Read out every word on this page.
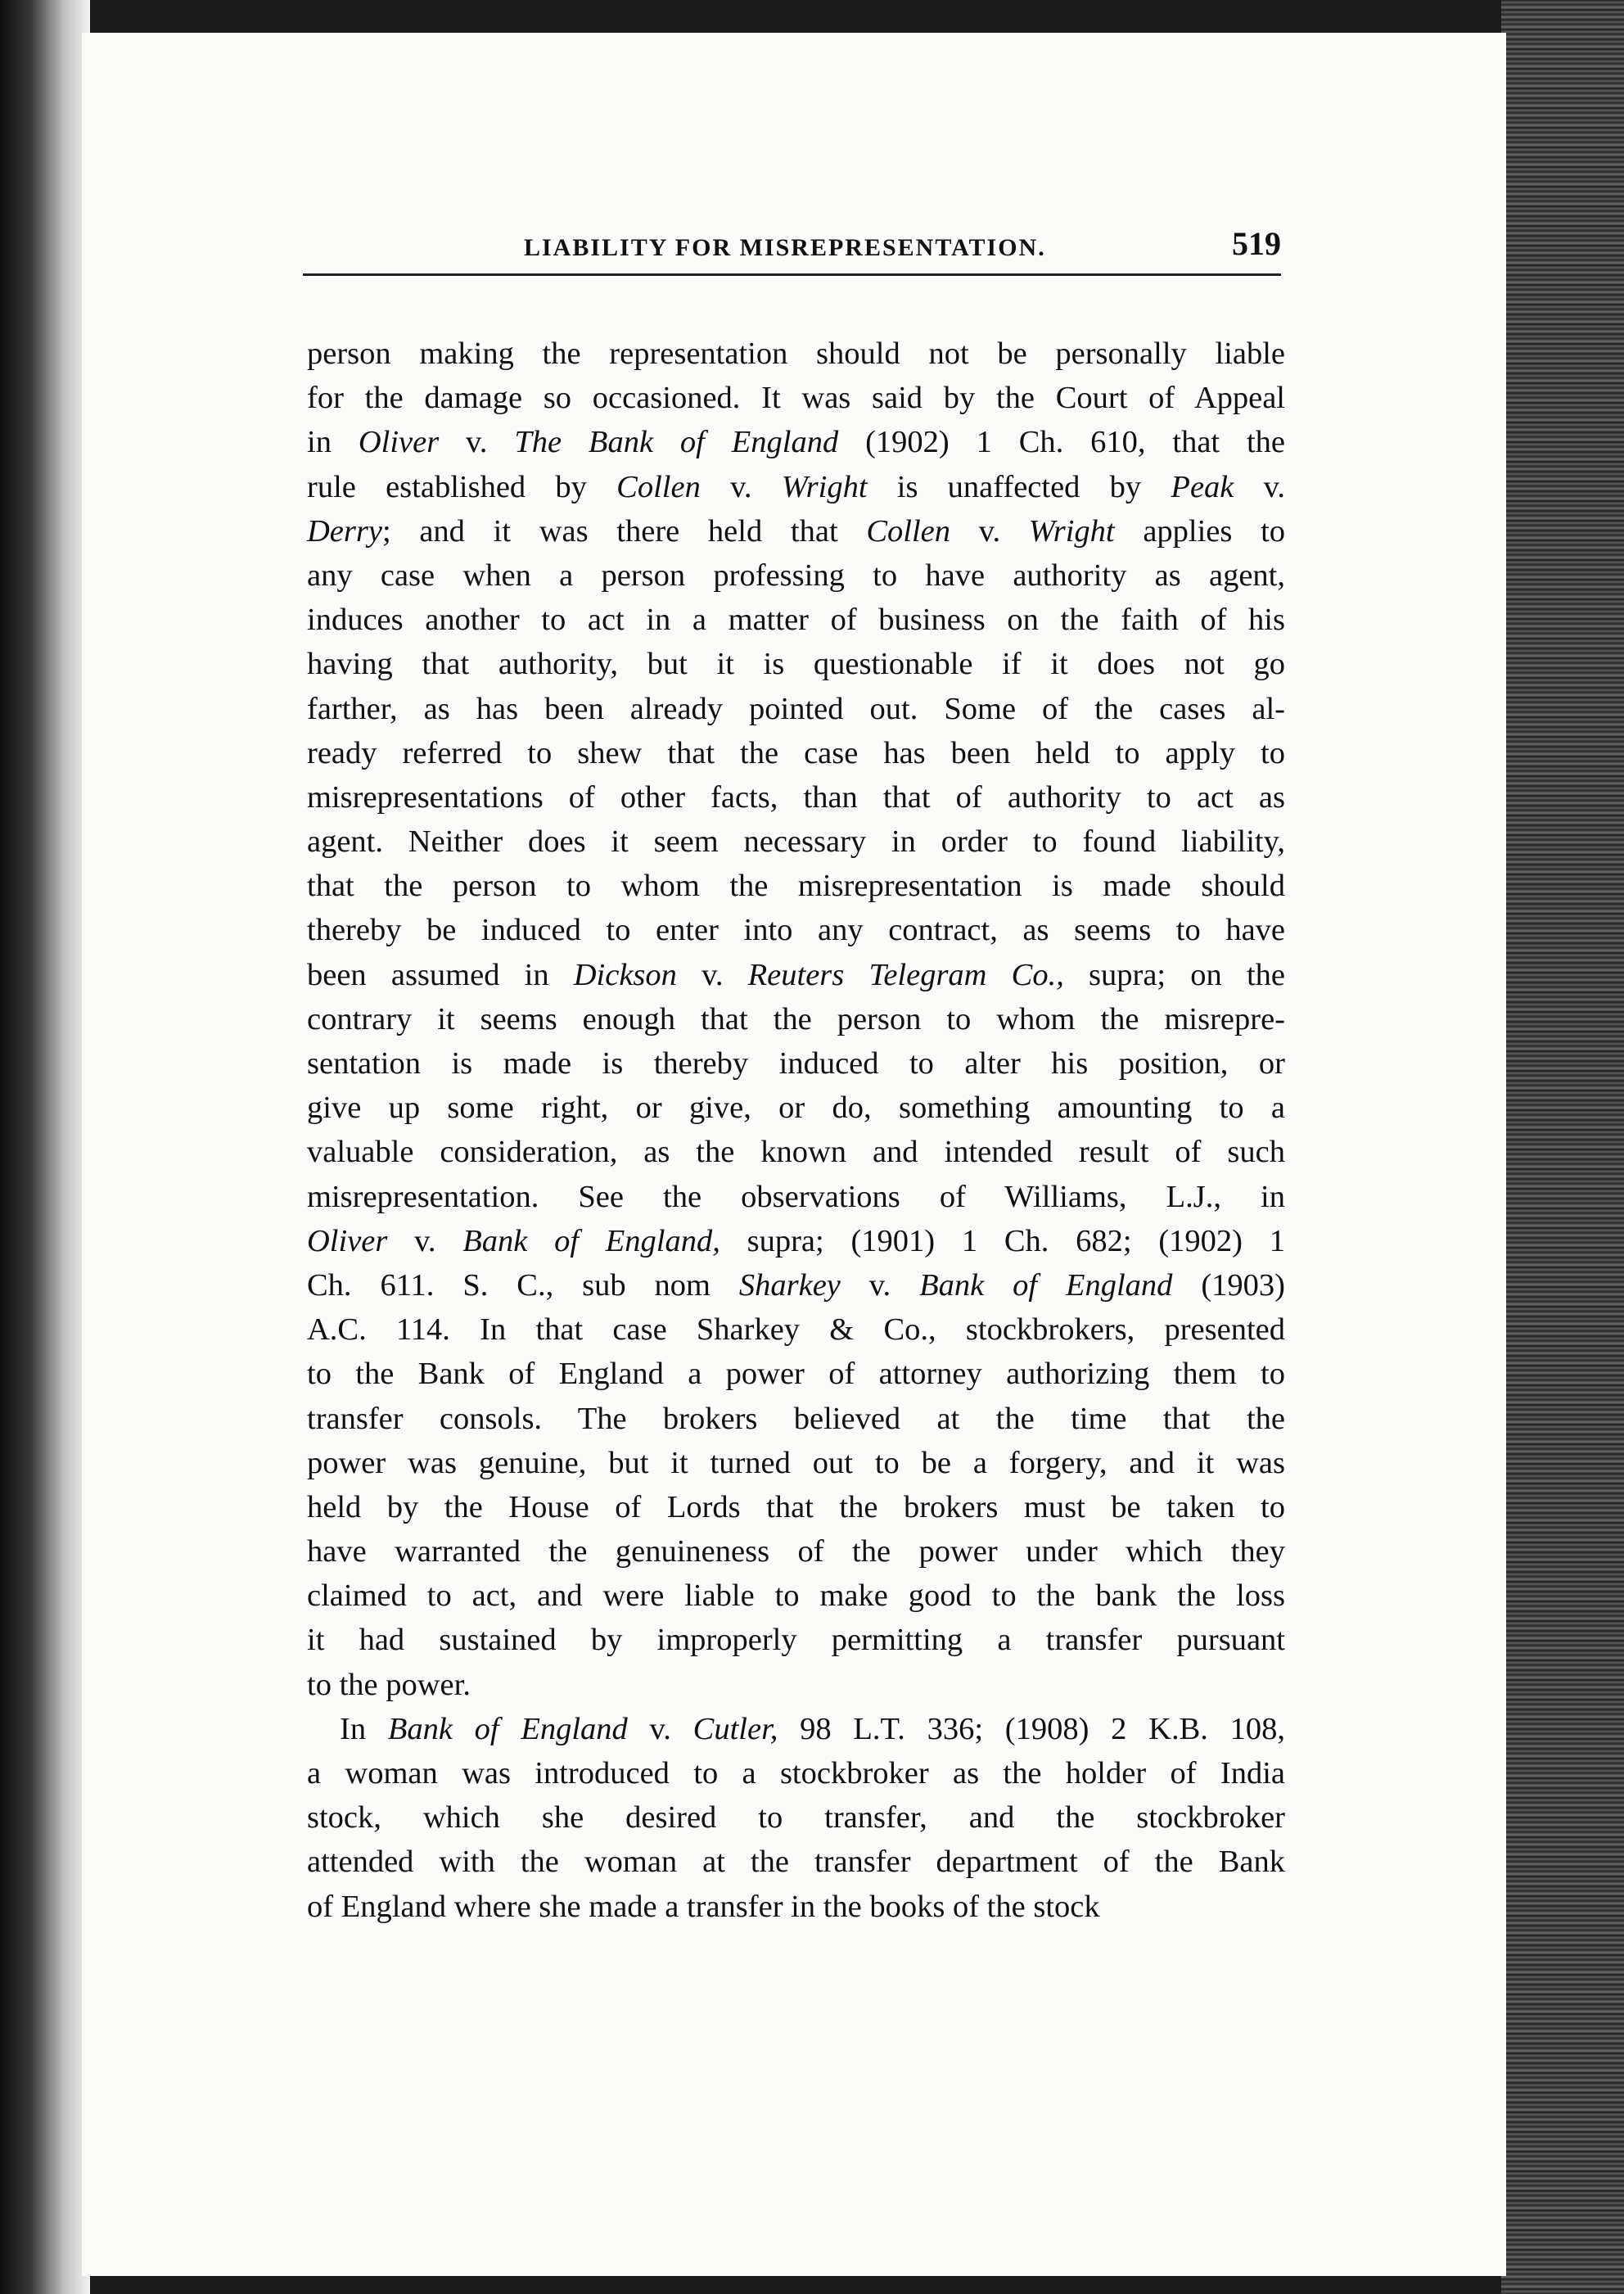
LIABILITY FOR MISREPRESENTATION.	519
person making the representation should not be personally liable
for the damage so occasioned. It was said by the Court of Appeal
in Oliver v. The Bank of England (1902) 1 Ch. 610, that the
rule established by Collen v. Wright is unaffected by Peak v.
Derry; and it was there held that Collen v. Wright applies to
any case when a person professing to have authority as agent,
induces another to act in a matter of business on the faith of his
having that authority, but it is questionable if it does not go
farther, as has been already pointed out. Some of the cases al-
ready referred to shew that the case has been held to apply to
misrepresentations of other facts, than that of authority to act as
agent. Neither does it seem necessary in order to found liability,
that the person to whom the misrepresentation is made should
thereby be induced to enter into any contract, as seems to have
been assumed in Dickson v. Reuters Telegram Co., supra; on the
contrary it seems enough that the person to whom the misrepre-
sentation is made is thereby induced to alter his position, or
give up some right, or give, or do, something amounting to a
valuable consideration, as the known and intended result of such
misrepresentation. See the observations of Williams, L.J., in
Oliver v. Bank of England, supra; (1901) 1 Ch. 682; (1902) 1
Ch. 611. S. C., sub nom Sharkey v. Bank of England (1903)
A.C. 114. In that case Sharkey & Co., stockbrokers, presented
to the Bank of England a power of attorney authorizing them to
transfer consols. The brokers believed at the time that the
power was genuine, but it turned out to be a forgery, and it was
held by the House of Lords that the brokers must be taken to
have warranted the genuineness of the power under which they
claimed to act, and were liable to make good to the bank the loss
it had sustained by improperly permitting a transfer pursuant
to the power.
In Bank of England v. Cutler, 98 L.T. 336; (1908) 2 K.B. 108,
a woman was introduced to a stockbroker as the holder of India
stock, which she desired to transfer, and the stockbroker
attended with the woman at the transfer department of the Bank
of England where she made a transfer in the books of the stock
